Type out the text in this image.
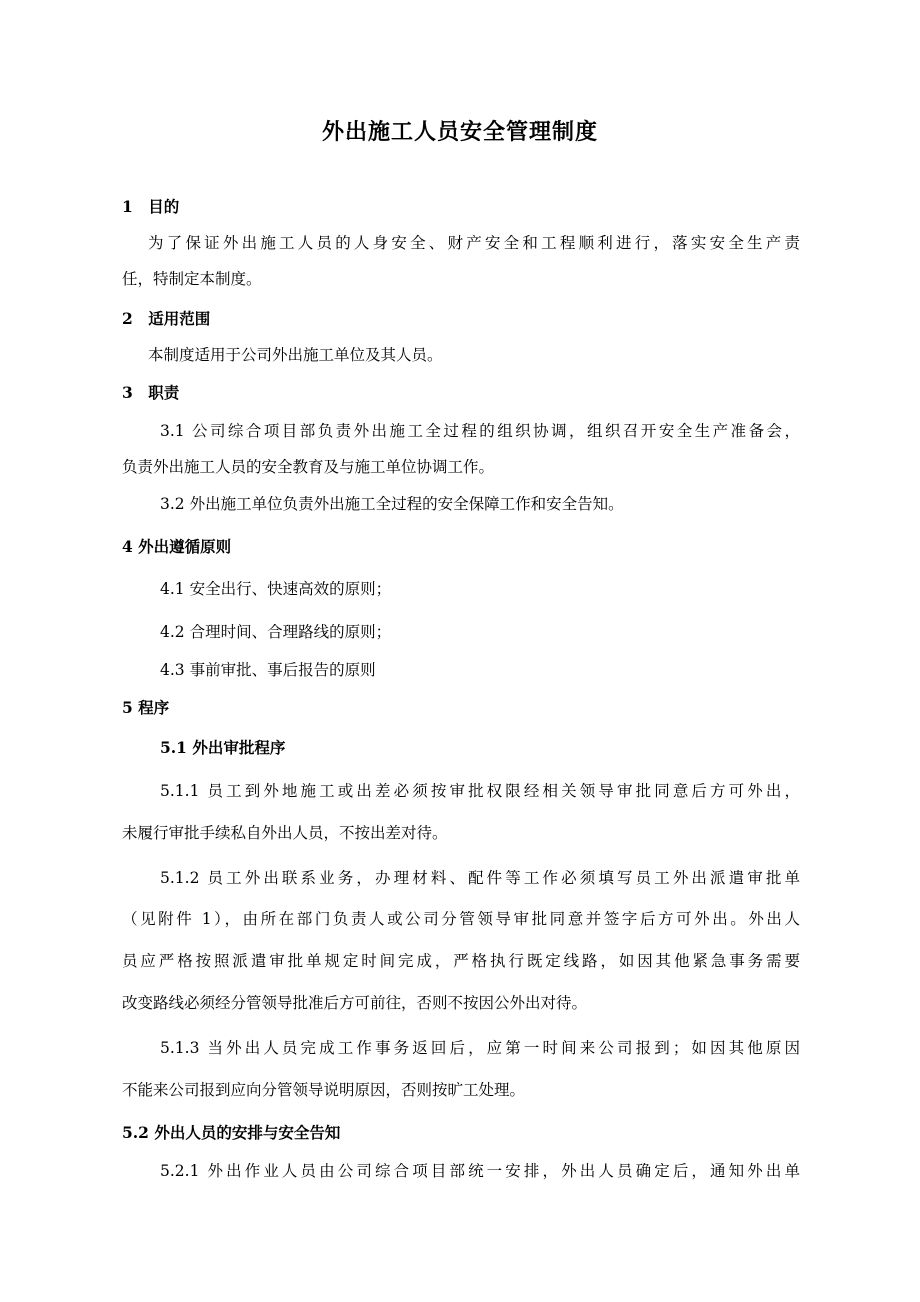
外出施工人员安全管理制度
1　目的
为了保证外出施工人员的人身安全、财产安全和工程顺利进行，落实安全生产责
任，特制定本制度。
2　适用范围
本制度适用于公司外出施工单位及其人员。
3　职责
3.1 公司综合项目部负责外出施工全过程的组织协调，组织召开安全生产准备会，
负责外出施工人员的安全教育及与施工单位协调工作。
3.2 外出施工单位负责外出施工全过程的安全保障工作和安全告知。
4 外出遵循原则
4.1 安全出行、快速高效的原则；
4.2 合理时间、合理路线的原则；
4.3 事前审批、事后报告的原则
5 程序
5.1 外出审批程序
5.1.1 员工到外地施工或出差必须按审批权限经相关领导审批同意后方可外出，
未履行审批手续私自外出人员，不按出差对待。
5.1.2 员工外出联系业务，办理材料、配件等工作必须填写员工外出派遣审批单
（见附件 1），由所在部门负责人或公司分管领导审批同意并签字后方可外出。外出人
员应严格按照派遣审批单规定时间完成，严格执行既定线路，如因其他紧急事务需要
改变路线必须经分管领导批准后方可前往，否则不按因公外出对待。
5.1.3 当外出人员完成工作事务返回后，应第一时间来公司报到；如因其他原因
不能来公司报到应向分管领导说明原因，否则按旷工处理。
5.2 外出人员的安排与安全告知
5.2.1 外出作业人员由公司综合项目部统一安排，外出人员确定后，通知外出单
